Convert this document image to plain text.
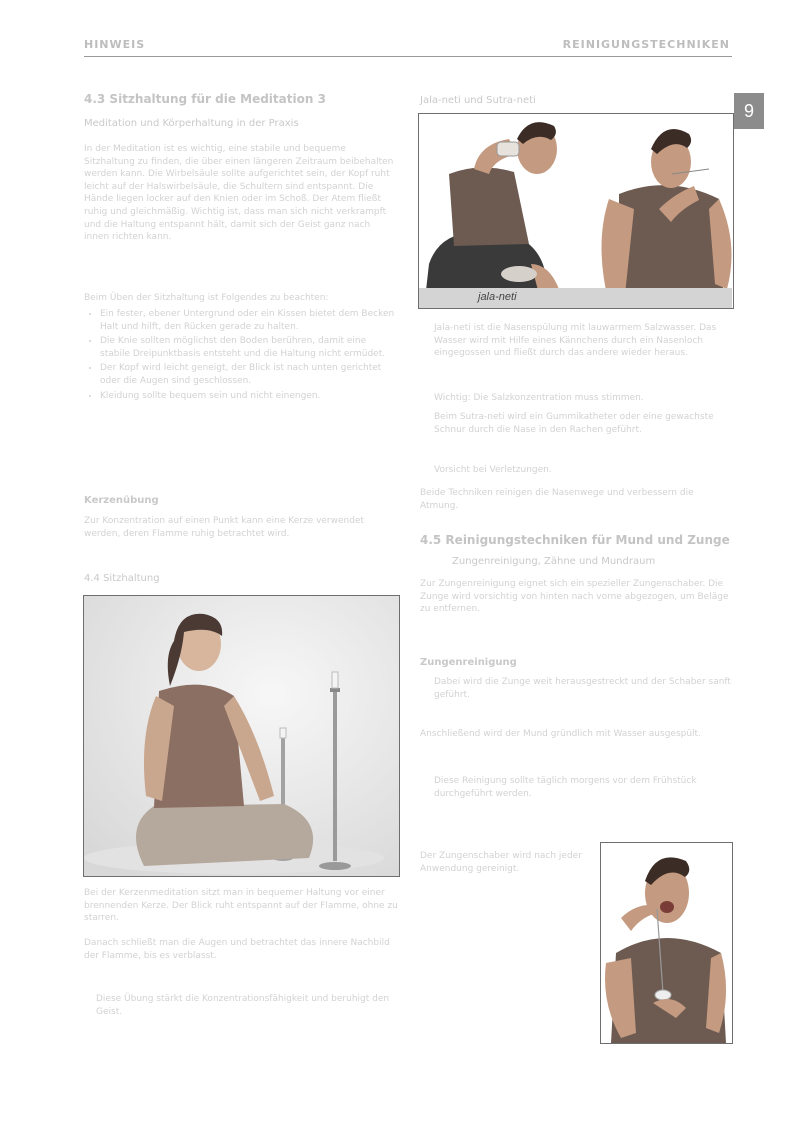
HINWEIS	REINIGUNGSTECHNIKEN
9
4.3 Sitzhaltung für die Meditation 3
Meditation und Körperhaltung in der Praxis

In der Meditation ist es wichtig, eine stabile und bequeme Sitzhaltung zu finden, die über einen längeren Zeitraum beibehalten werden kann. Die Wirbelsäule sollte aufgerichtet sein, der Kopf ruht leicht auf der Halswirbelsäule, die Schultern sind entspannt. Die Hände liegen locker auf den Knien oder im Schoß. Der Atem fließt ruhig und gleichmäßig. Wichtig ist, dass man sich nicht verkrampft und die Haltung entspannt hält, damit sich der Geist ganz nach innen richten kann.

Beim Üben der Sitzhaltung ist Folgendes zu beachten:

• Ein fester, ebener Untergrund oder ein Kissen bietet dem Becken Halt und hilft, den Rücken gerade zu halten.
• Die Knie sollten möglichst den Boden berühren, damit eine stabile Dreipunktbasis entsteht und die Haltung nicht ermüdet.
• Der Kopf wird leicht geneigt, der Blick ist nach unten gerichtet oder die Augen sind geschlossen.
• Kleidung sollte bequem sein und nicht einengen.
Kerzenübung

Zur Konzentration auf einen Punkt kann eine Kerze verwendet werden, deren Flamme ruhig betrachtet wird.

4.4 Sitzhaltung

Bei der Kerzenmeditation sitzt man in bequemer Haltung vor einer brennenden Kerze. Der Blick ruht entspannt auf der Flamme, ohne zu starren.

Danach schließt man die Augen und betrachtet das innere Nachbild der Flamme, bis es verblasst.

Diese Übung stärkt die Konzentrationsfähigkeit und beruhigt den Geist.

Jala-neti und Sutra-neti
jala-neti

Jala-neti ist die Nasenspülung mit lauwarmem Salzwasser. Das Wasser wird mit Hilfe eines Kännchens durch ein Nasenloch eingegossen und fließt durch das andere wieder heraus.

Wichtig: Die Salzkonzentration muss stimmen.

Beim Sutra-neti wird ein Gummikatheter oder eine gewachste Schnur durch die Nase in den Rachen geführt.

Vorsicht bei Verletzungen.

Beide Techniken reinigen die Nasenwege und verbessern die Atmung.

4.5 Reinigungstechniken für Mund und Zunge
Zungenreinigung, Zähne und Mundraum

Zur Zungenreinigung eignet sich ein spezieller Zungenschaber. Die Zunge wird vorsichtig von hinten nach vorne abgezogen, um Beläge zu entfernen.

Zungenreinigung

Dabei wird die Zunge weit herausgestreckt und der Schaber sanft geführt.

Anschließend wird der Mund gründlich mit Wasser ausgespült.

Diese Reinigung sollte täglich morgens vor dem Frühstück durchgeführt werden.

Der Zungenschaber wird nach jeder Anwendung gereinigt.
